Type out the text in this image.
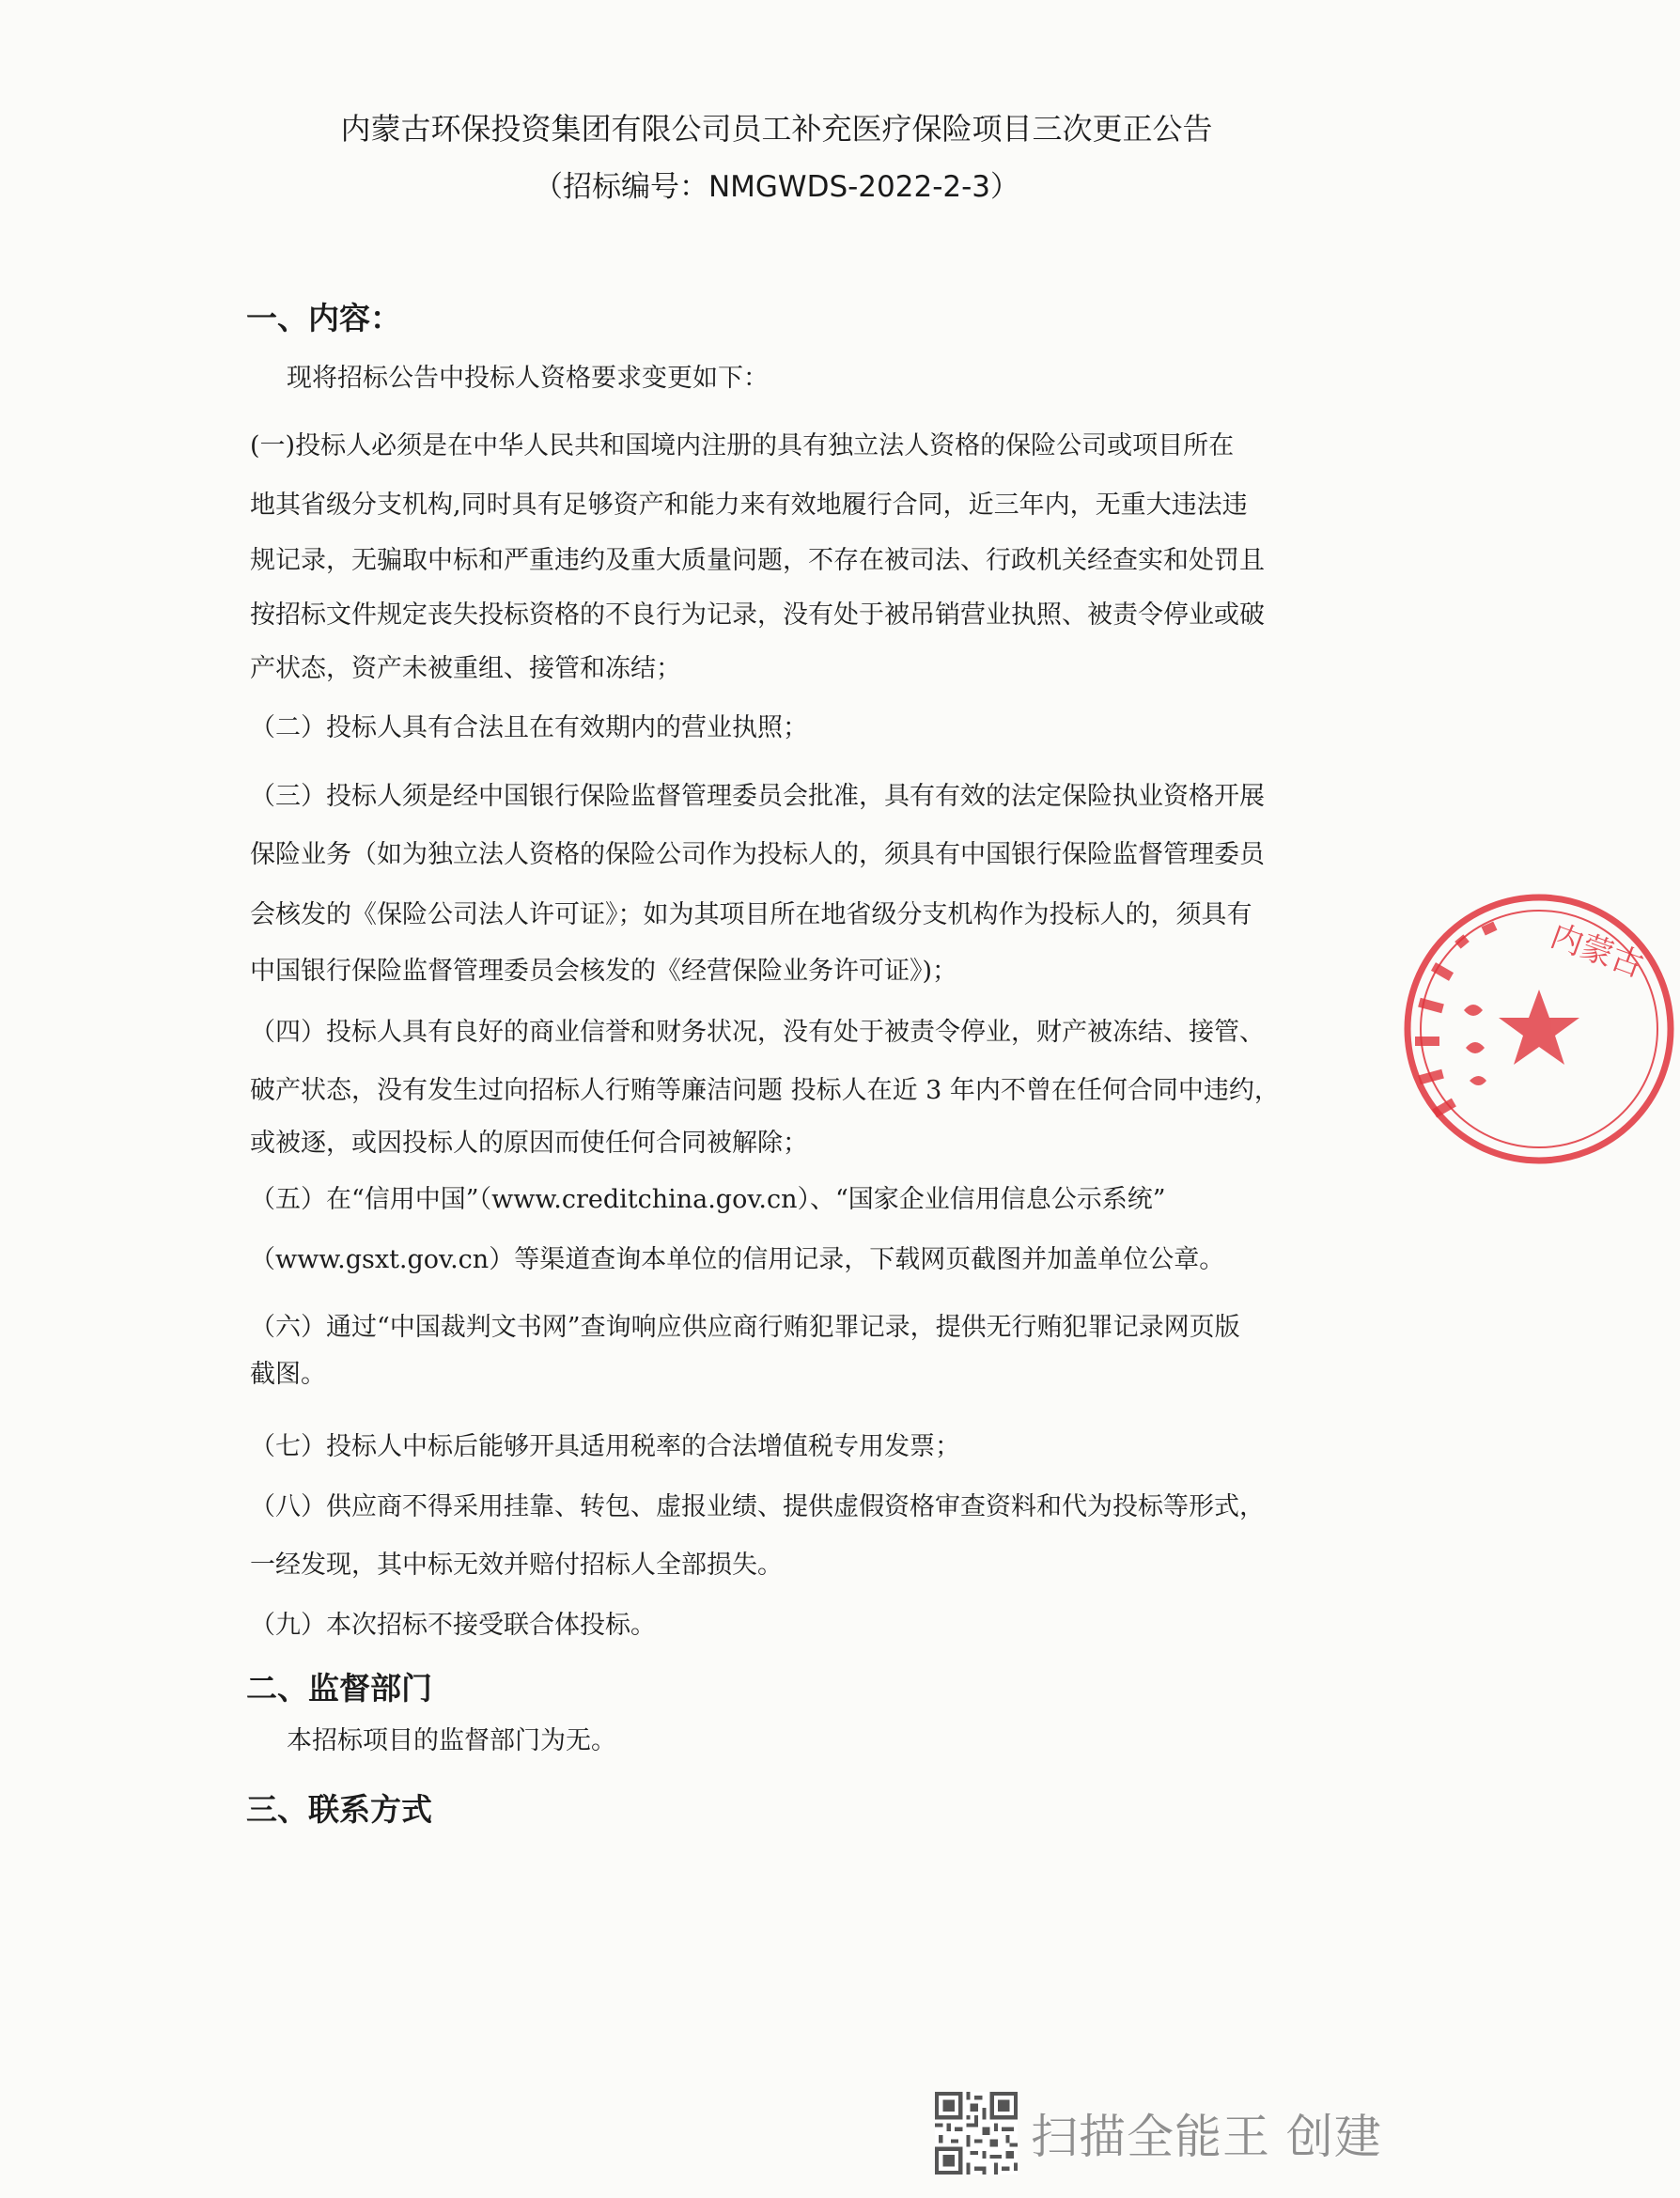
内蒙古环保投资集团有限公司员工补充医疗保险项目三次更正公告
（招标编号：NMGWDS-2022-2-3）
一、内容：
现将招标公告中投标人资格要求变更如下：
(一)投标人必须是在中华人民共和国境内注册的具有独立法人资格的保险公司或项目所在
地其省级分支机构,同时具有足够资产和能力来有效地履行合同，近三年内，无重大违法违
规记录，无骗取中标和严重违约及重大质量问题，不存在被司法、行政机关经查实和处罚且
按招标文件规定丧失投标资格的不良行为记录，没有处于被吊销营业执照、被责令停业或破
产状态，资产未被重组、接管和冻结；
（二）投标人具有合法且在有效期内的营业执照；
（三）投标人须是经中国银行保险监督管理委员会批准，具有有效的法定保险执业资格开展
保险业务（如为独立法人资格的保险公司作为投标人的，须具有中国银行保险监督管理委员
会核发的《保险公司法人许可证》；如为其项目所在地省级分支机构作为投标人的，须具有
中国银行保险监督管理委员会核发的《经营保险业务许可证》)；
（四）投标人具有良好的商业信誉和财务状况，没有处于被责令停业，财产被冻结、接管、
破产状态，没有发生过向招标人行贿等廉洁问题 投标人在近 3 年内不曾在任何合同中违约，
或被逐，或因投标人的原因而使任何合同被解除；
（五）在“信用中国”（www.creditchina.gov.cn）、“国家企业信用信息公示系统”
（www.gsxt.gov.cn）等渠道查询本单位的信用记录，下载网页截图并加盖单位公章。
（六）通过“中国裁判文书网”查询响应供应商行贿犯罪记录，提供无行贿犯罪记录网页版
截图。
（七）投标人中标后能够开具适用税率的合法增值税专用发票；
（八）供应商不得采用挂靠、转包、虚报业绩、提供虚假资格审查资料和代为投标等形式，
一经发现，其中标无效并赔付招标人全部损失。
（九）本次招标不接受联合体投标。
二、监督部门
本招标项目的监督部门为无。
三、联系方式
内蒙古
扫描全能王 创建
